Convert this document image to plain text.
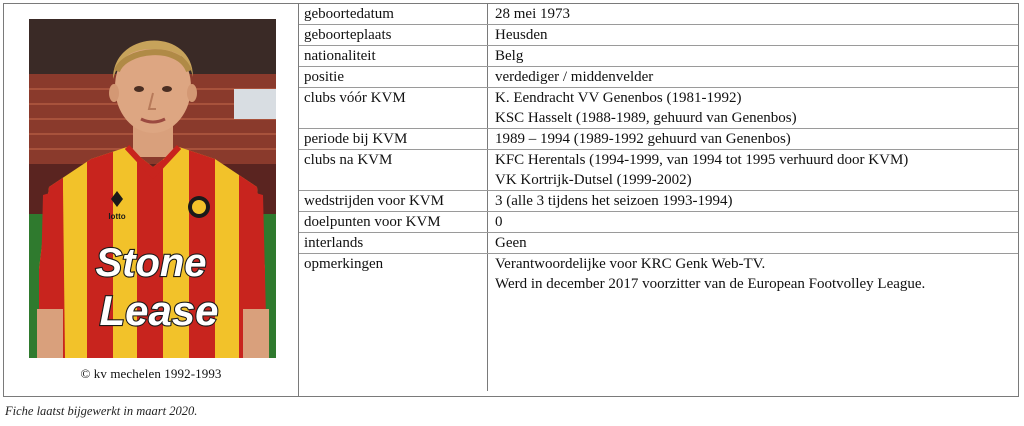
lotto
Stone
Lease
© kv mechelen 1992-1993
geboortedatum	28 mei 1973

geboorteplaats	Heusden

nationaliteit	Belg

positie	verdediger / middenvelder

clubs vóór KVM	K. Eendracht VV Genenbos (1981-1992)
KSC Hasselt (1988-1989, gehuurd van Genenbos)

periode bij KVM	1989 – 1994 (1989-1992 gehuurd van Genenbos)

clubs na KVM	KFC Herentals (1994-1999, van 1994 tot 1995 verhuurd door KVM)
VK Kortrijk-Dutsel (1999-2002)

wedstrijden voor KVM	3 (alle 3 tijdens het seizoen 1993-1994)

doelpunten voor KVM	0

interlands	Geen

opmerkingen	Verantwoordelijke voor KRC Genk Web-TV.
Werd in december 2017 voorzitter van de European Footvolley League.
Fiche laatst bijgewerkt in maart 2020.
